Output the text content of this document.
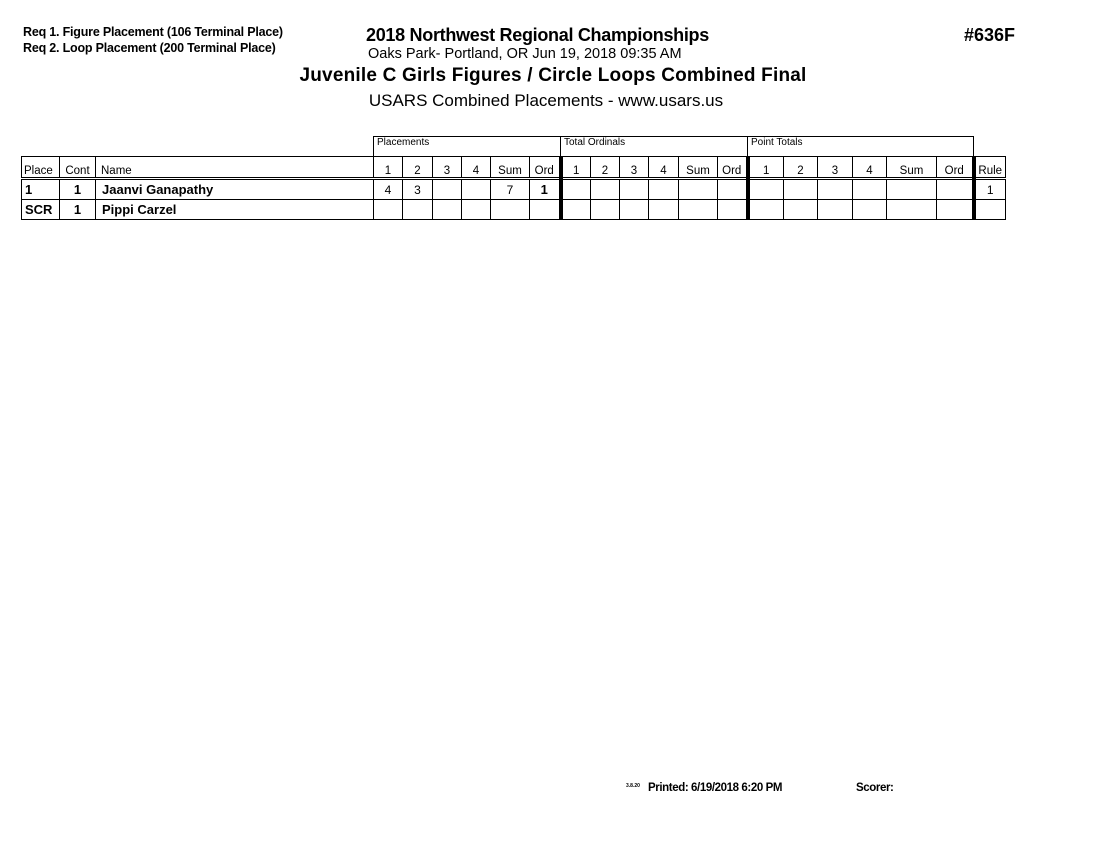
Req 1. Figure Placement (106 Terminal Place)
Req 2. Loop Placement (200 Terminal Place)
2018 Northwest Regional Championships
Oaks Park- Portland, OR Jun 19, 2018 09:35 AM
#636F
Juvenile C Girls Figures / Circle Loops Combined Final
USARS Combined Placements - www.usars.us
			Placements						Total Ordinals						Point Totals						
Place	Cont	Name	1	2	3	4	Sum	Ord	1	2	3	4	Sum	Ord	1	2	3	4	Sum	Ord	Rule
1	1	Jaanvi Ganapathy	4	3			7	1													1
SCR	1	Pippi Carzel																			
3.8.20 Printed: 6/19/2018 6:20 PM	Scorer:
